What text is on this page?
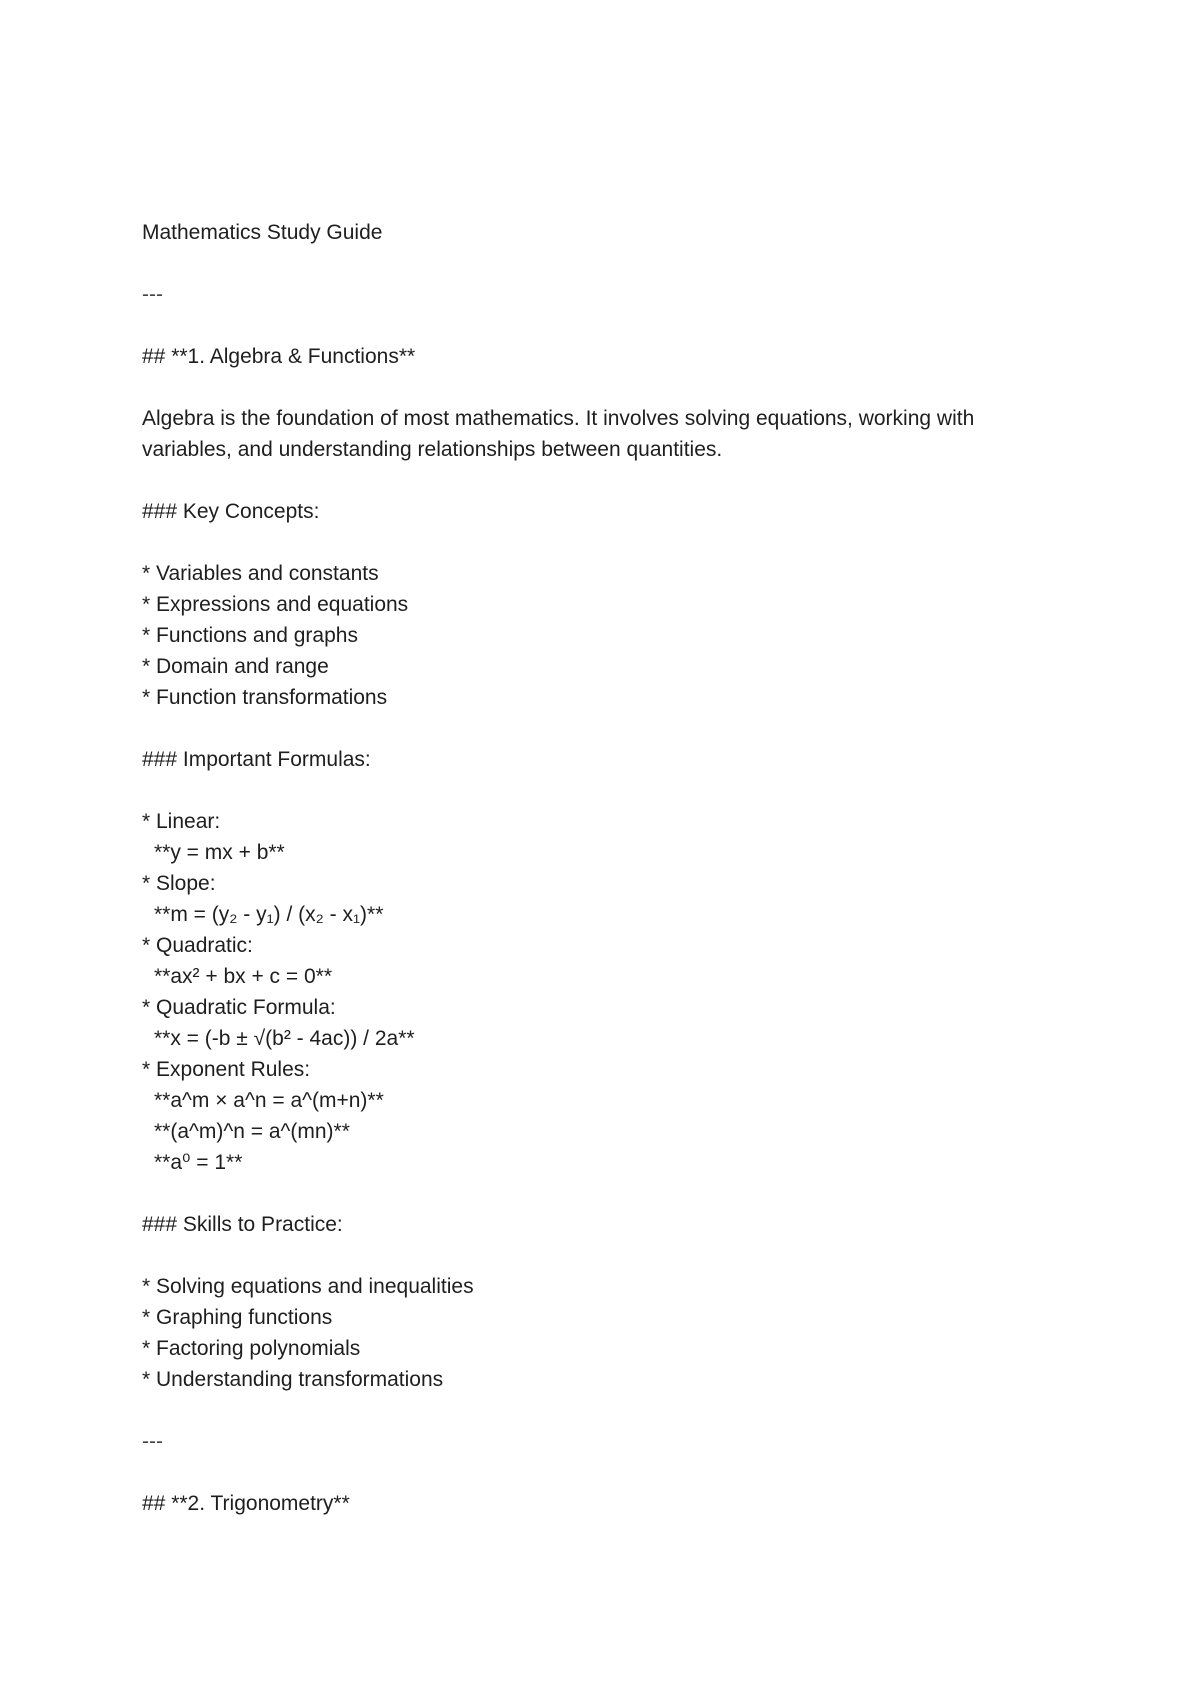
Mathematics Study Guide
---
## **1. Algebra & Functions**
Algebra is the foundation of most mathematics. It involves solving equations, working with variables, and understanding relationships between quantities.
### Key Concepts:
* Variables and constants
* Expressions and equations
* Functions and graphs
* Domain and range
* Function transformations
### Important Formulas:
* Linear:
**y = mx + b**
* Slope:
**m = (y₂ - y₁) / (x₂ - x₁)**
* Quadratic:
**ax² + bx + c = 0**
* Quadratic Formula:
**x = (-b ± √(b² - 4ac)) / 2a**
* Exponent Rules:
**a^m × a^n = a^(m+n)**
**(a^m)^n = a^(mn)**
**a⁰ = 1**
### Skills to Practice:
* Solving equations and inequalities
* Graphing functions
* Factoring polynomials
* Understanding transformations
---
## **2. Trigonometry**
